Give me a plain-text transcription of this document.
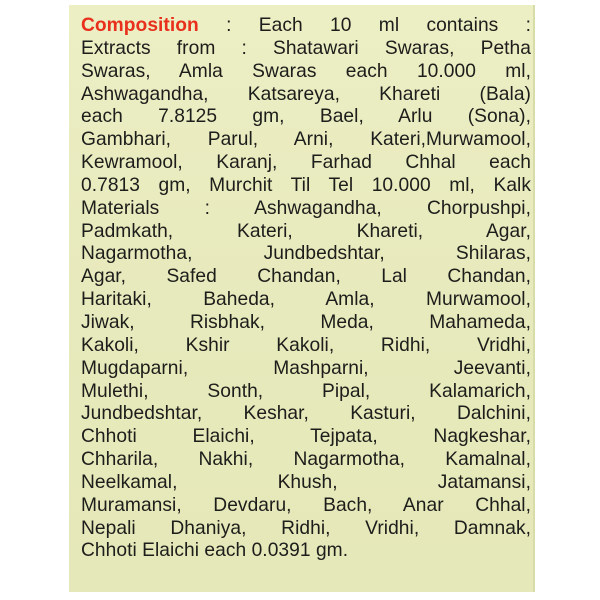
Composition : Each 10 ml contains :
Extracts from : Shatawari Swaras, Petha
Swaras, Amla Swaras each 10.000 ml,
Ashwagandha, Katsareya, Khareti (Bala)
each 7.8125 gm, Bael, Arlu (Sona),
Gambhari, Parul, Arni, Kateri,Murwamool,
Kewramool, Karanj, Farhad Chhal each
0.7813 gm, Murchit Til Tel 10.000 ml, Kalk
Materials : Ashwagandha, Chorpushpi,
Padmkath, Kateri, Khareti, Agar,
Nagarmotha, Jundbedshtar, Shilaras,
Agar, Safed Chandan, Lal Chandan,
Haritaki, Baheda, Amla, Murwamool,
Jiwak, Risbhak, Meda, Mahameda,
Kakoli, Kshir Kakoli, Ridhi, Vridhi,
Mugdaparni, Mashparni, Jeevanti,
Mulethi, Sonth, Pipal, Kalamarich,
Jundbedshtar, Keshar, Kasturi, Dalchini,
Chhoti Elaichi, Tejpata, Nagkeshar,
Chharila, Nakhi, Nagarmotha, Kamalnal,
Neelkamal, Khush, Jatamansi,
Muramansi, Devdaru, Bach, Anar Chhal,
Nepali Dhaniya, Ridhi, Vridhi, Damnak,
Chhoti Elaichi each 0.0391 gm.
